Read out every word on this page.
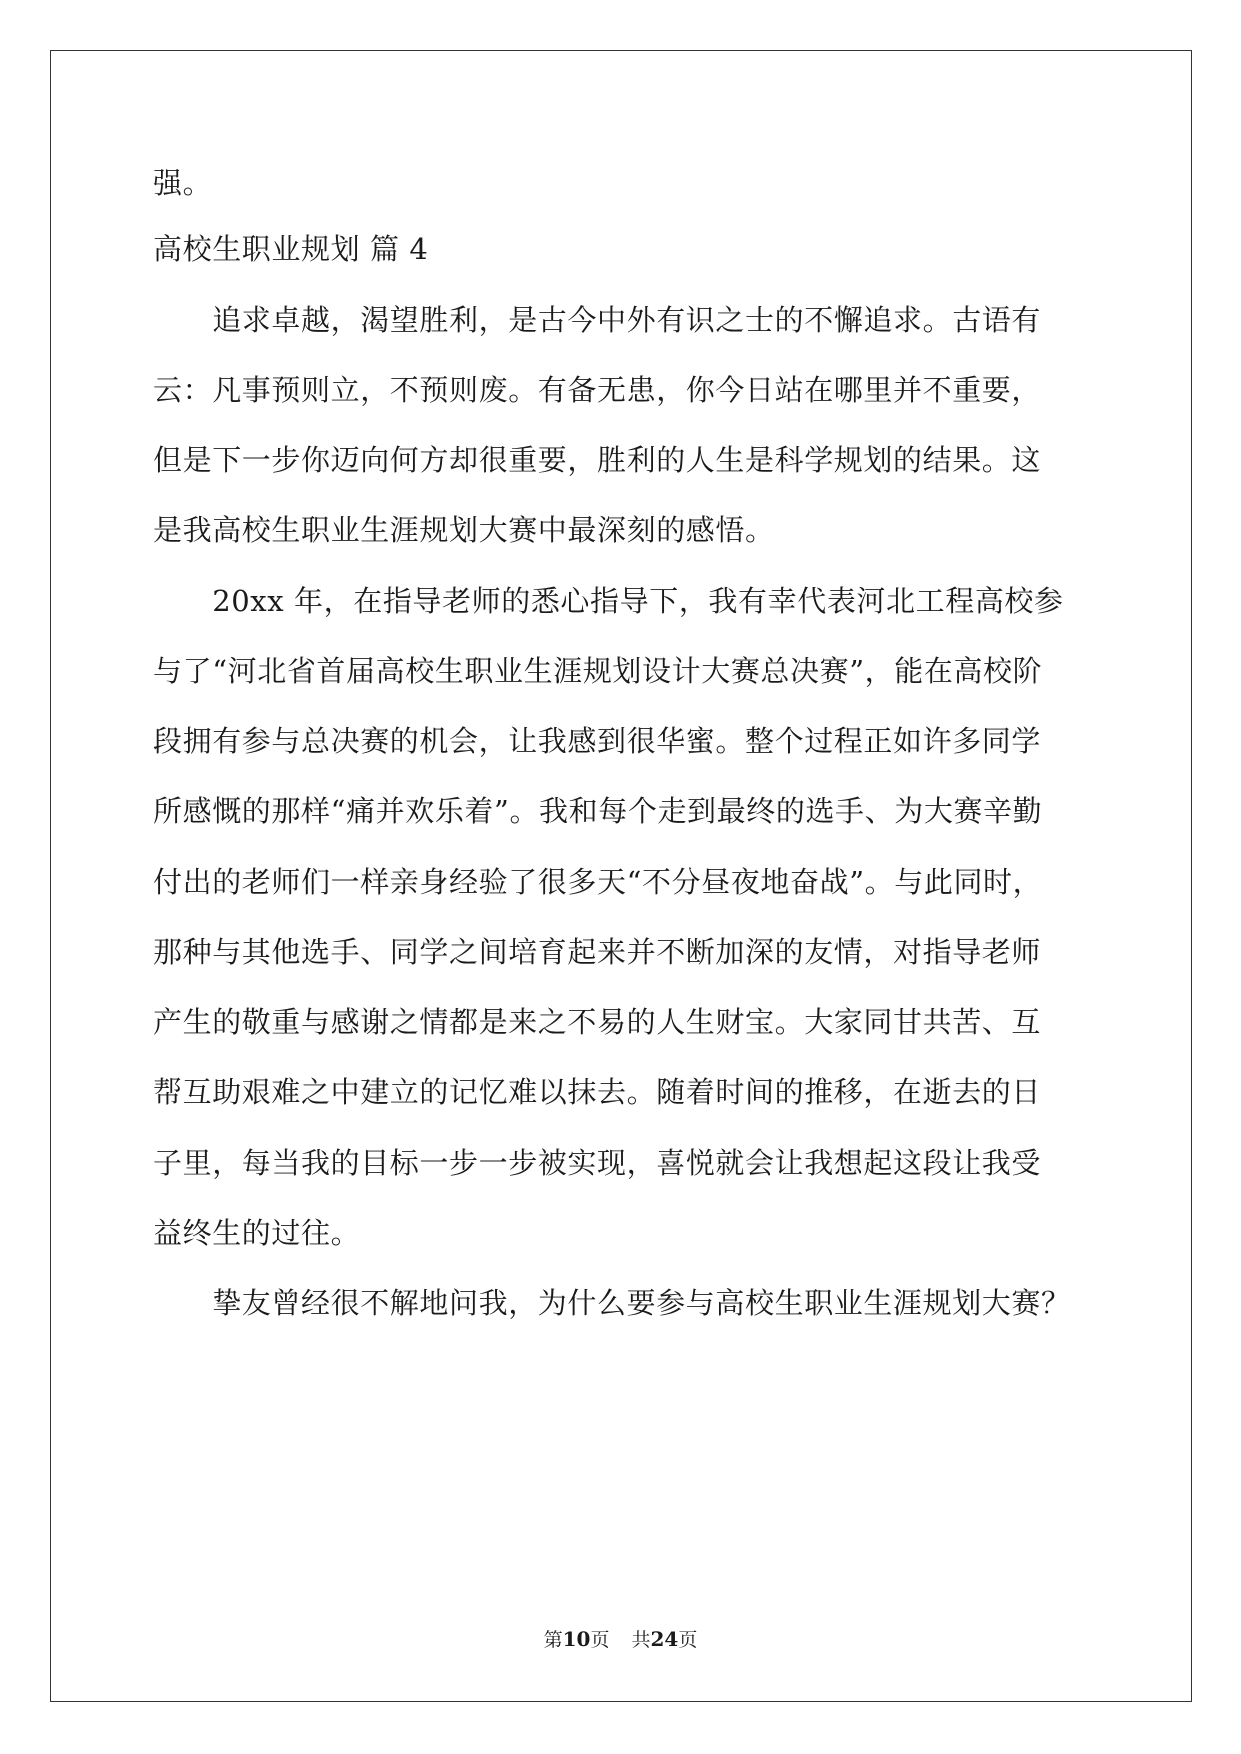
强。
高校生职业规划 篇 4
　　追求卓越，渴望胜利，是古今中外有识之士的不懈追求。古语有
云：凡事预则立，不预则废。有备无患，你今日站在哪里并不重要，
但是下一步你迈向何方却很重要，胜利的人生是科学规划的结果。这
是我高校生职业生涯规划大赛中最深刻的感悟。
　　20xx 年，在指导老师的悉心指导下，我有幸代表河北工程高校参
与了“河北省首届高校生职业生涯规划设计大赛总决赛”，能在高校阶
段拥有参与总决赛的机会，让我感到很华蜜。整个过程正如许多同学
所感慨的那样“痛并欢乐着”。我和每个走到最终的选手、为大赛辛勤
付出的老师们一样亲身经验了很多天“不分昼夜地奋战”。与此同时，
那种与其他选手、同学之间培育起来并不断加深的友情，对指导老师
产生的敬重与感谢之情都是来之不易的人生财宝。大家同甘共苦、互
帮互助艰难之中建立的记忆难以抹去。随着时间的推移，在逝去的日
子里，每当我的目标一步一步被实现，喜悦就会让我想起这段让我受
益终生的过往。
　　挚友曾经很不解地问我，为什么要参与高校生职业生涯规划大赛？
第10页 共24页
